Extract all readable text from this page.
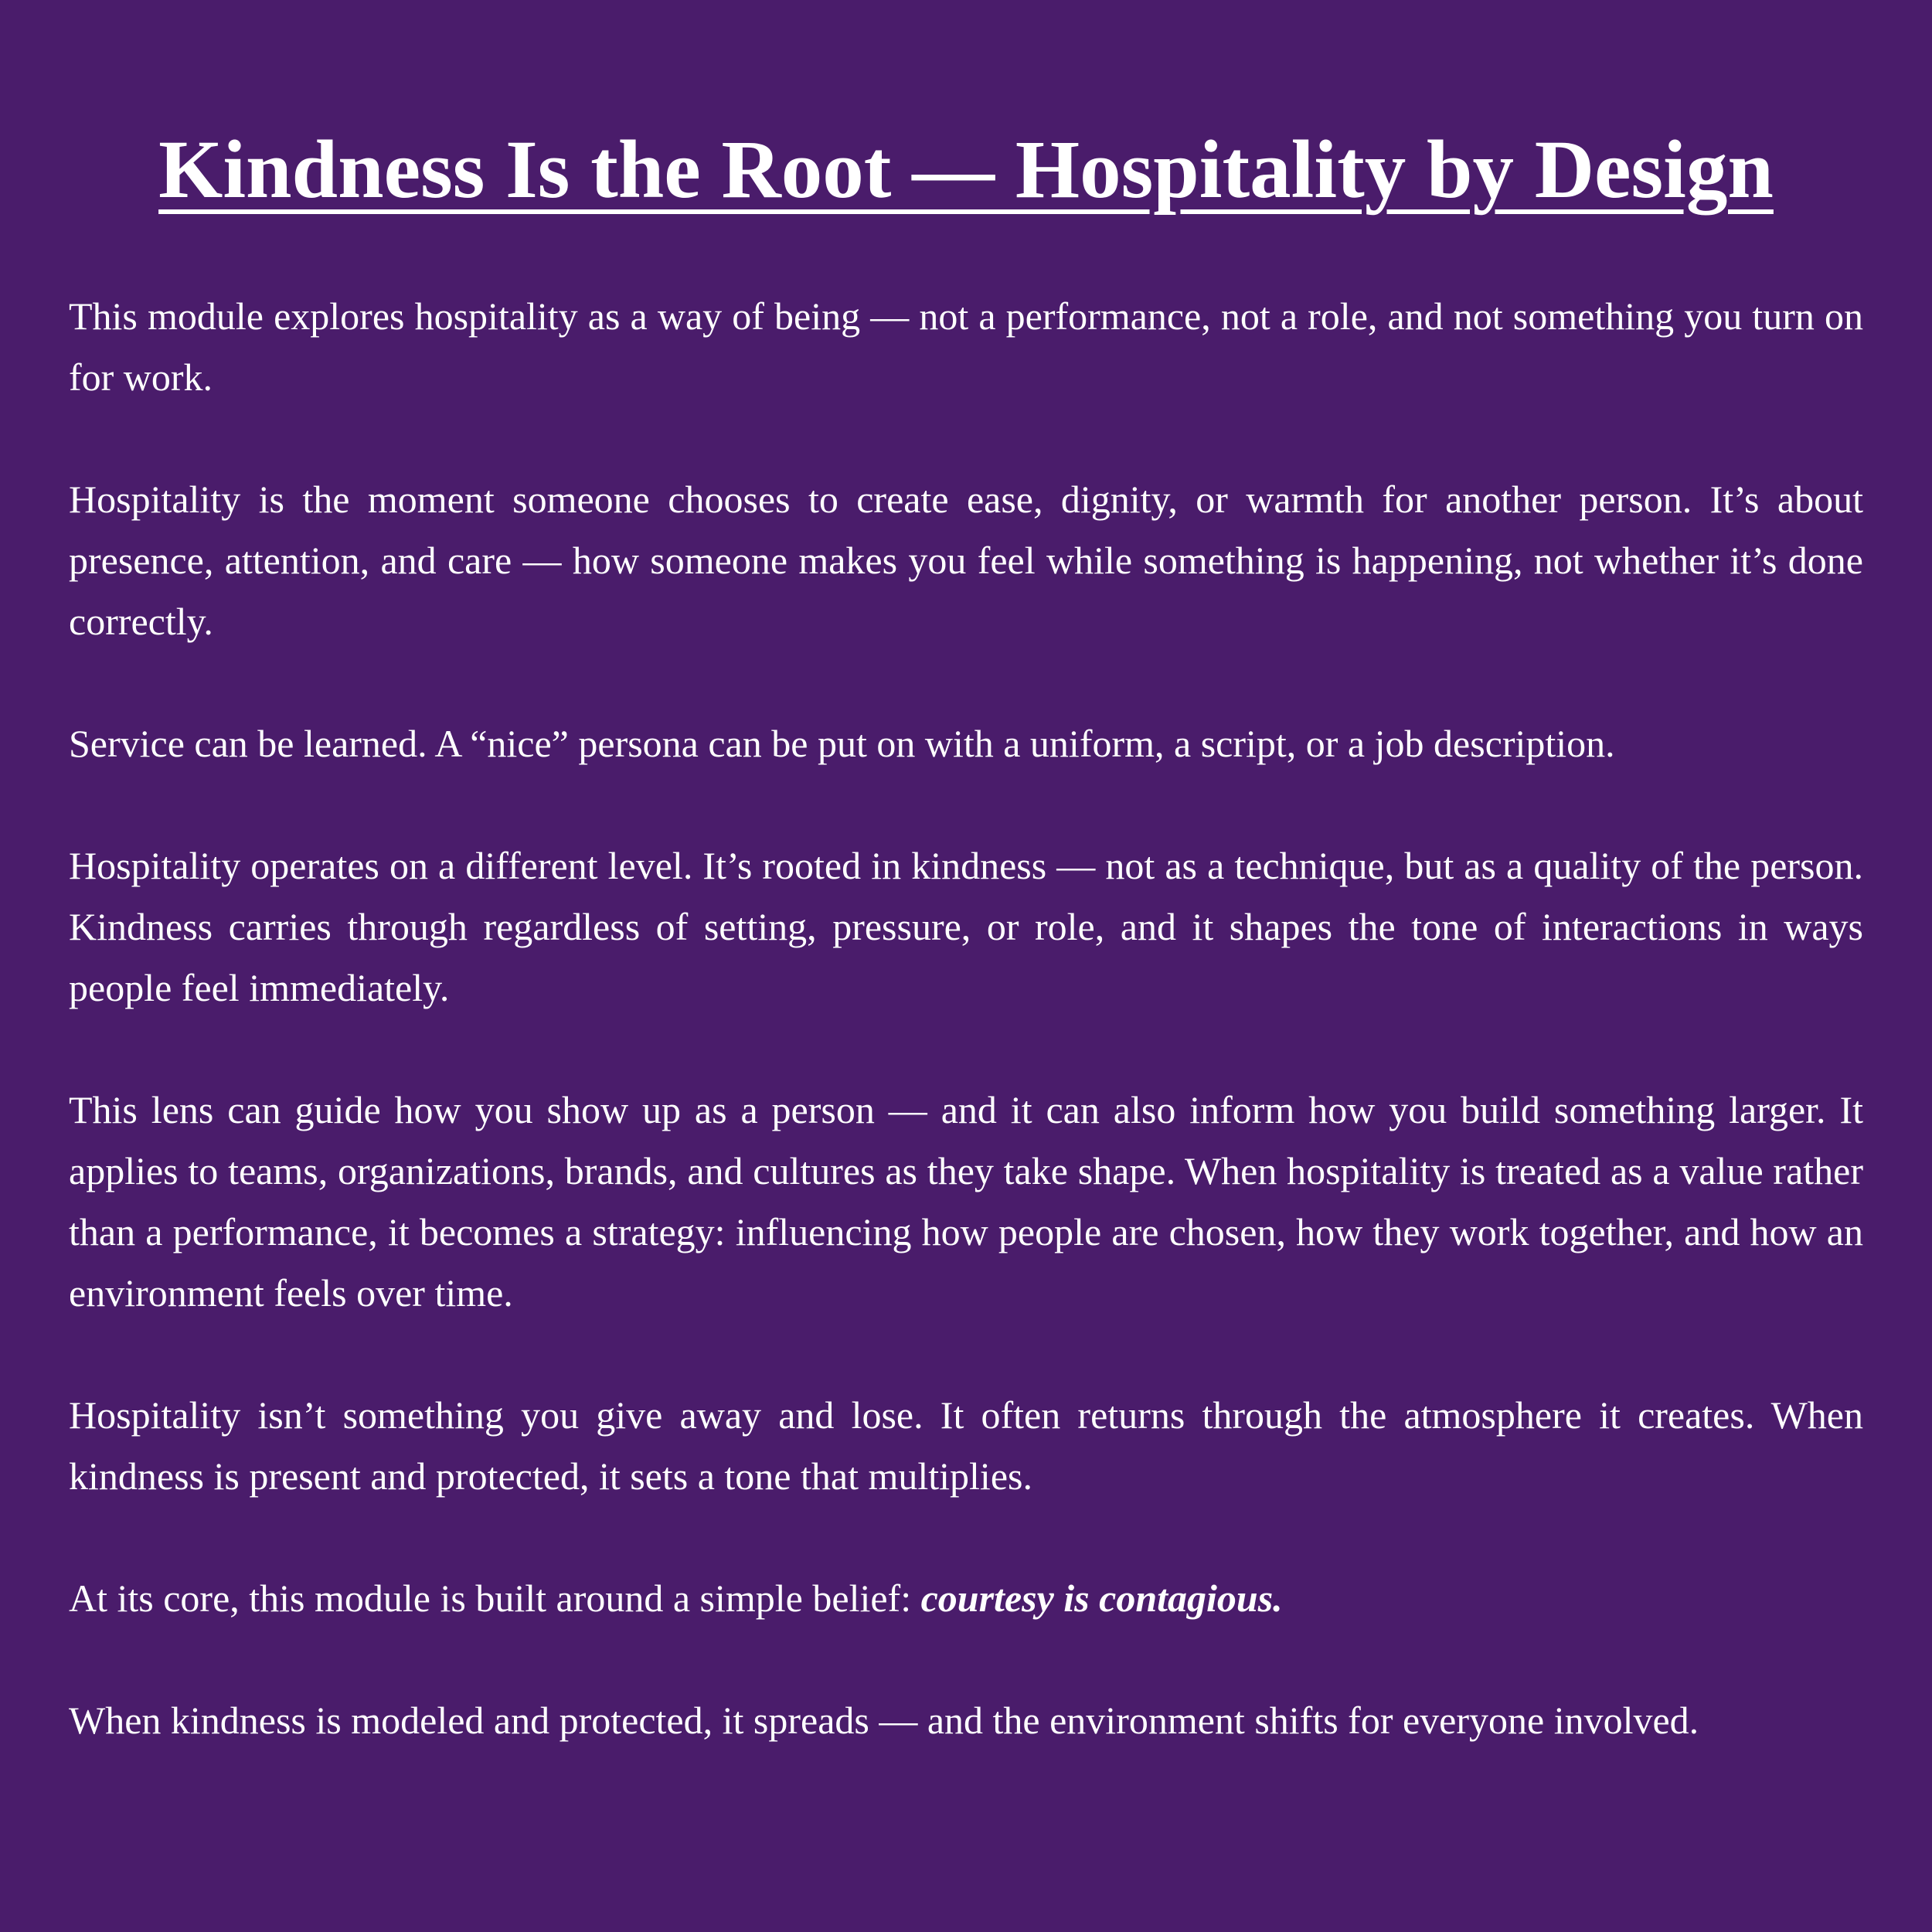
Kindness Is the Root — Hospitality by Design

This module explores hospitality as a way of being — not a performance, not a role, and not something you turn on for work.

Hospitality is the moment someone chooses to create ease, dignity, or warmth for another person. It’s about presence, attention, and care — how someone makes you feel while something is happening, not whether it’s done correctly.

Service can be learned. A “nice” persona can be put on with a uniform, a script, or a job description.

Hospitality operates on a different level. It’s rooted in kindness — not as a technique, but as a quality of the person. Kindness carries through regardless of setting, pressure, or role, and it shapes the tone of interactions in ways people feel immediately.

This lens can guide how you show up as a person — and it can also inform how you build something larger. It applies to teams, organizations, brands, and cultures as they take shape. When hospitality is treated as a value rather than a performance, it becomes a strategy: influencing how people are chosen, how they work together, and how an environment feels over time.

Hospitality isn’t something you give away and lose. It often returns through the atmosphere it creates. When kindness is present and protected, it sets a tone that multiplies.

At its core, this module is built around a simple belief: courtesy is contagious.

When kindness is modeled and protected, it spreads — and the environment shifts for everyone involved.
